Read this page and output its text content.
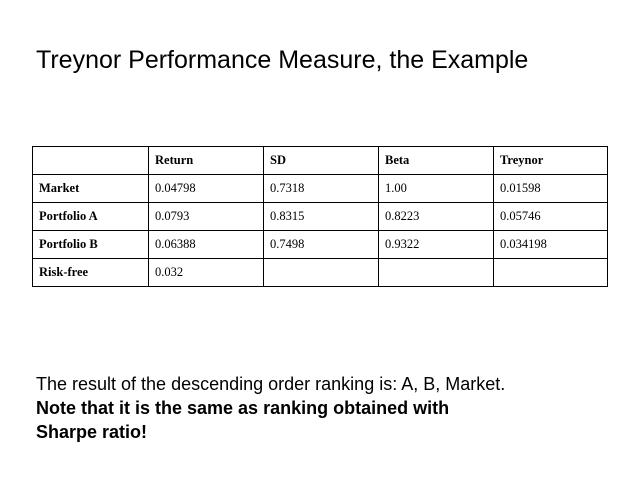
Treynor Performance Measure, the Example
	Return	SD	Beta	Treynor
Market	0.04798	0.7318	1.00	0.01598
Portfolio A	0.0793	0.8315	0.8223	0.05746
Portfolio B	0.06388	0.7498	0.9322	0.034198
Risk-free	0.032			
The result of the descending order ranking is: A, B, Market.
Note that it is the same as ranking obtained with
Sharpe ratio!
